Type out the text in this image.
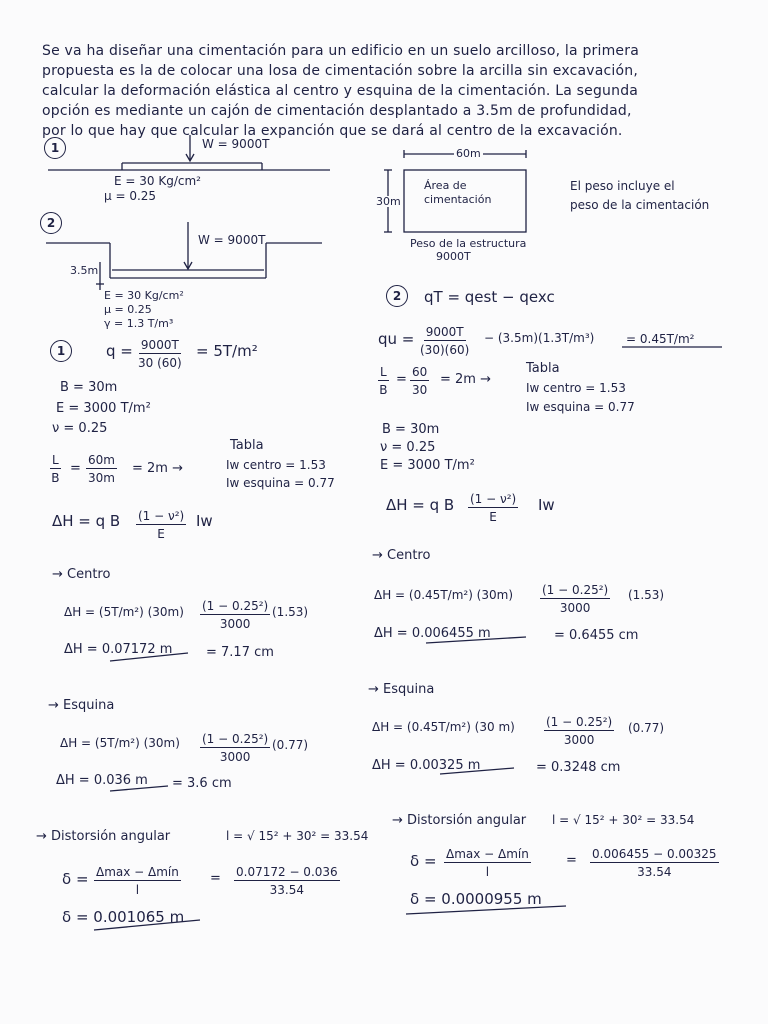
Se va ha diseñar una cimentación para un edificio en un suelo arcilloso, la primera
propuesta es la de colocar una losa de cimentación sobre la arcilla sin excavación,
calcular la deformación elástica al centro y esquina de la cimentación. La segunda
opción es mediante un cajón de cimentación desplantado a 3.5m de profundidad,
por lo que hay que calcular la expanción que se dará al centro de la excavación.
1	W = 9000T
E = 30 Kg/cm²
μ = 0.25
60m
30m
Área de
cimentación
Peso de la estructura
9000T
El peso incluye el
peso de la cimentación
2
W = 9000T
3.5m
E = 30 Kg/cm²
μ = 0.25
γ = 1.3 T/m³
1	$q = \frac{9000T}{30 (60)} = 5T/m^2$
B = 30m
E = 3000 T/m²
ν = 0.25
$\frac{L}{B} = \frac{60m}{30m} = 2m$ →
Tabla
Iw centro = 1.53
Iw esquina = 0.77
ΔH = q B $\frac{\text{(1 − ν²)}}{E}$ Iw
→ Centro
ΔH = (5T/m²) $(30m) \frac{\text{(1 − 0.25²)}}{3000} (1.53)$
ΔH = 0.07172 m	= 7.17 cm
→ Esquina
ΔH = (5T/m²) $(30m) \frac{\text{(1 − 0.25²)}}{3000} (0.77)$
ΔH = 0.036 m = 3.6 cm
→ Distorsión angular	l = √ 15² + 30² = 33.54
δ = Δmax − Δmín
l
= $\frac{0.07172 - 0.036}{33.54}$
δ = 0.001065 m
2	qT = qest − qexc
qu = $\frac{9000T}{(30)(60)} - (3.5m)(1.3T/m^3)$	= 0.45T/m²
$\frac{L}{B} = \frac{60}{30} = 2m$ →
Tabla
Iw centro = 1.53
Iw esquina = 0.77
B = 30m
ν = 0.25
E = 3000 T/m²
ΔH = q B $\frac{\text{(1 − ν²)}}{E}$ Iw
→ Centro
ΔH = (0.45T/m²) $(30m) \frac{\text{(1 − 0.25²)}}{3000} (1.53)$
ΔH = 0.006455 m	= 0.6455 cm
→ Esquina
ΔH = (0.45T/m²) (30 $m) \frac{\text{(1 − 0.25²)}}{3000} (0.77)$
ΔH = 0.00325 m	= 0.3248 cm
→ Distorsión angular l = √ 15² + 30² = 33.54
δ = Δmax − Δmín
l
= $\frac{0.006455 - 0.00325}{33.54}$
δ = 0.0000955 m
